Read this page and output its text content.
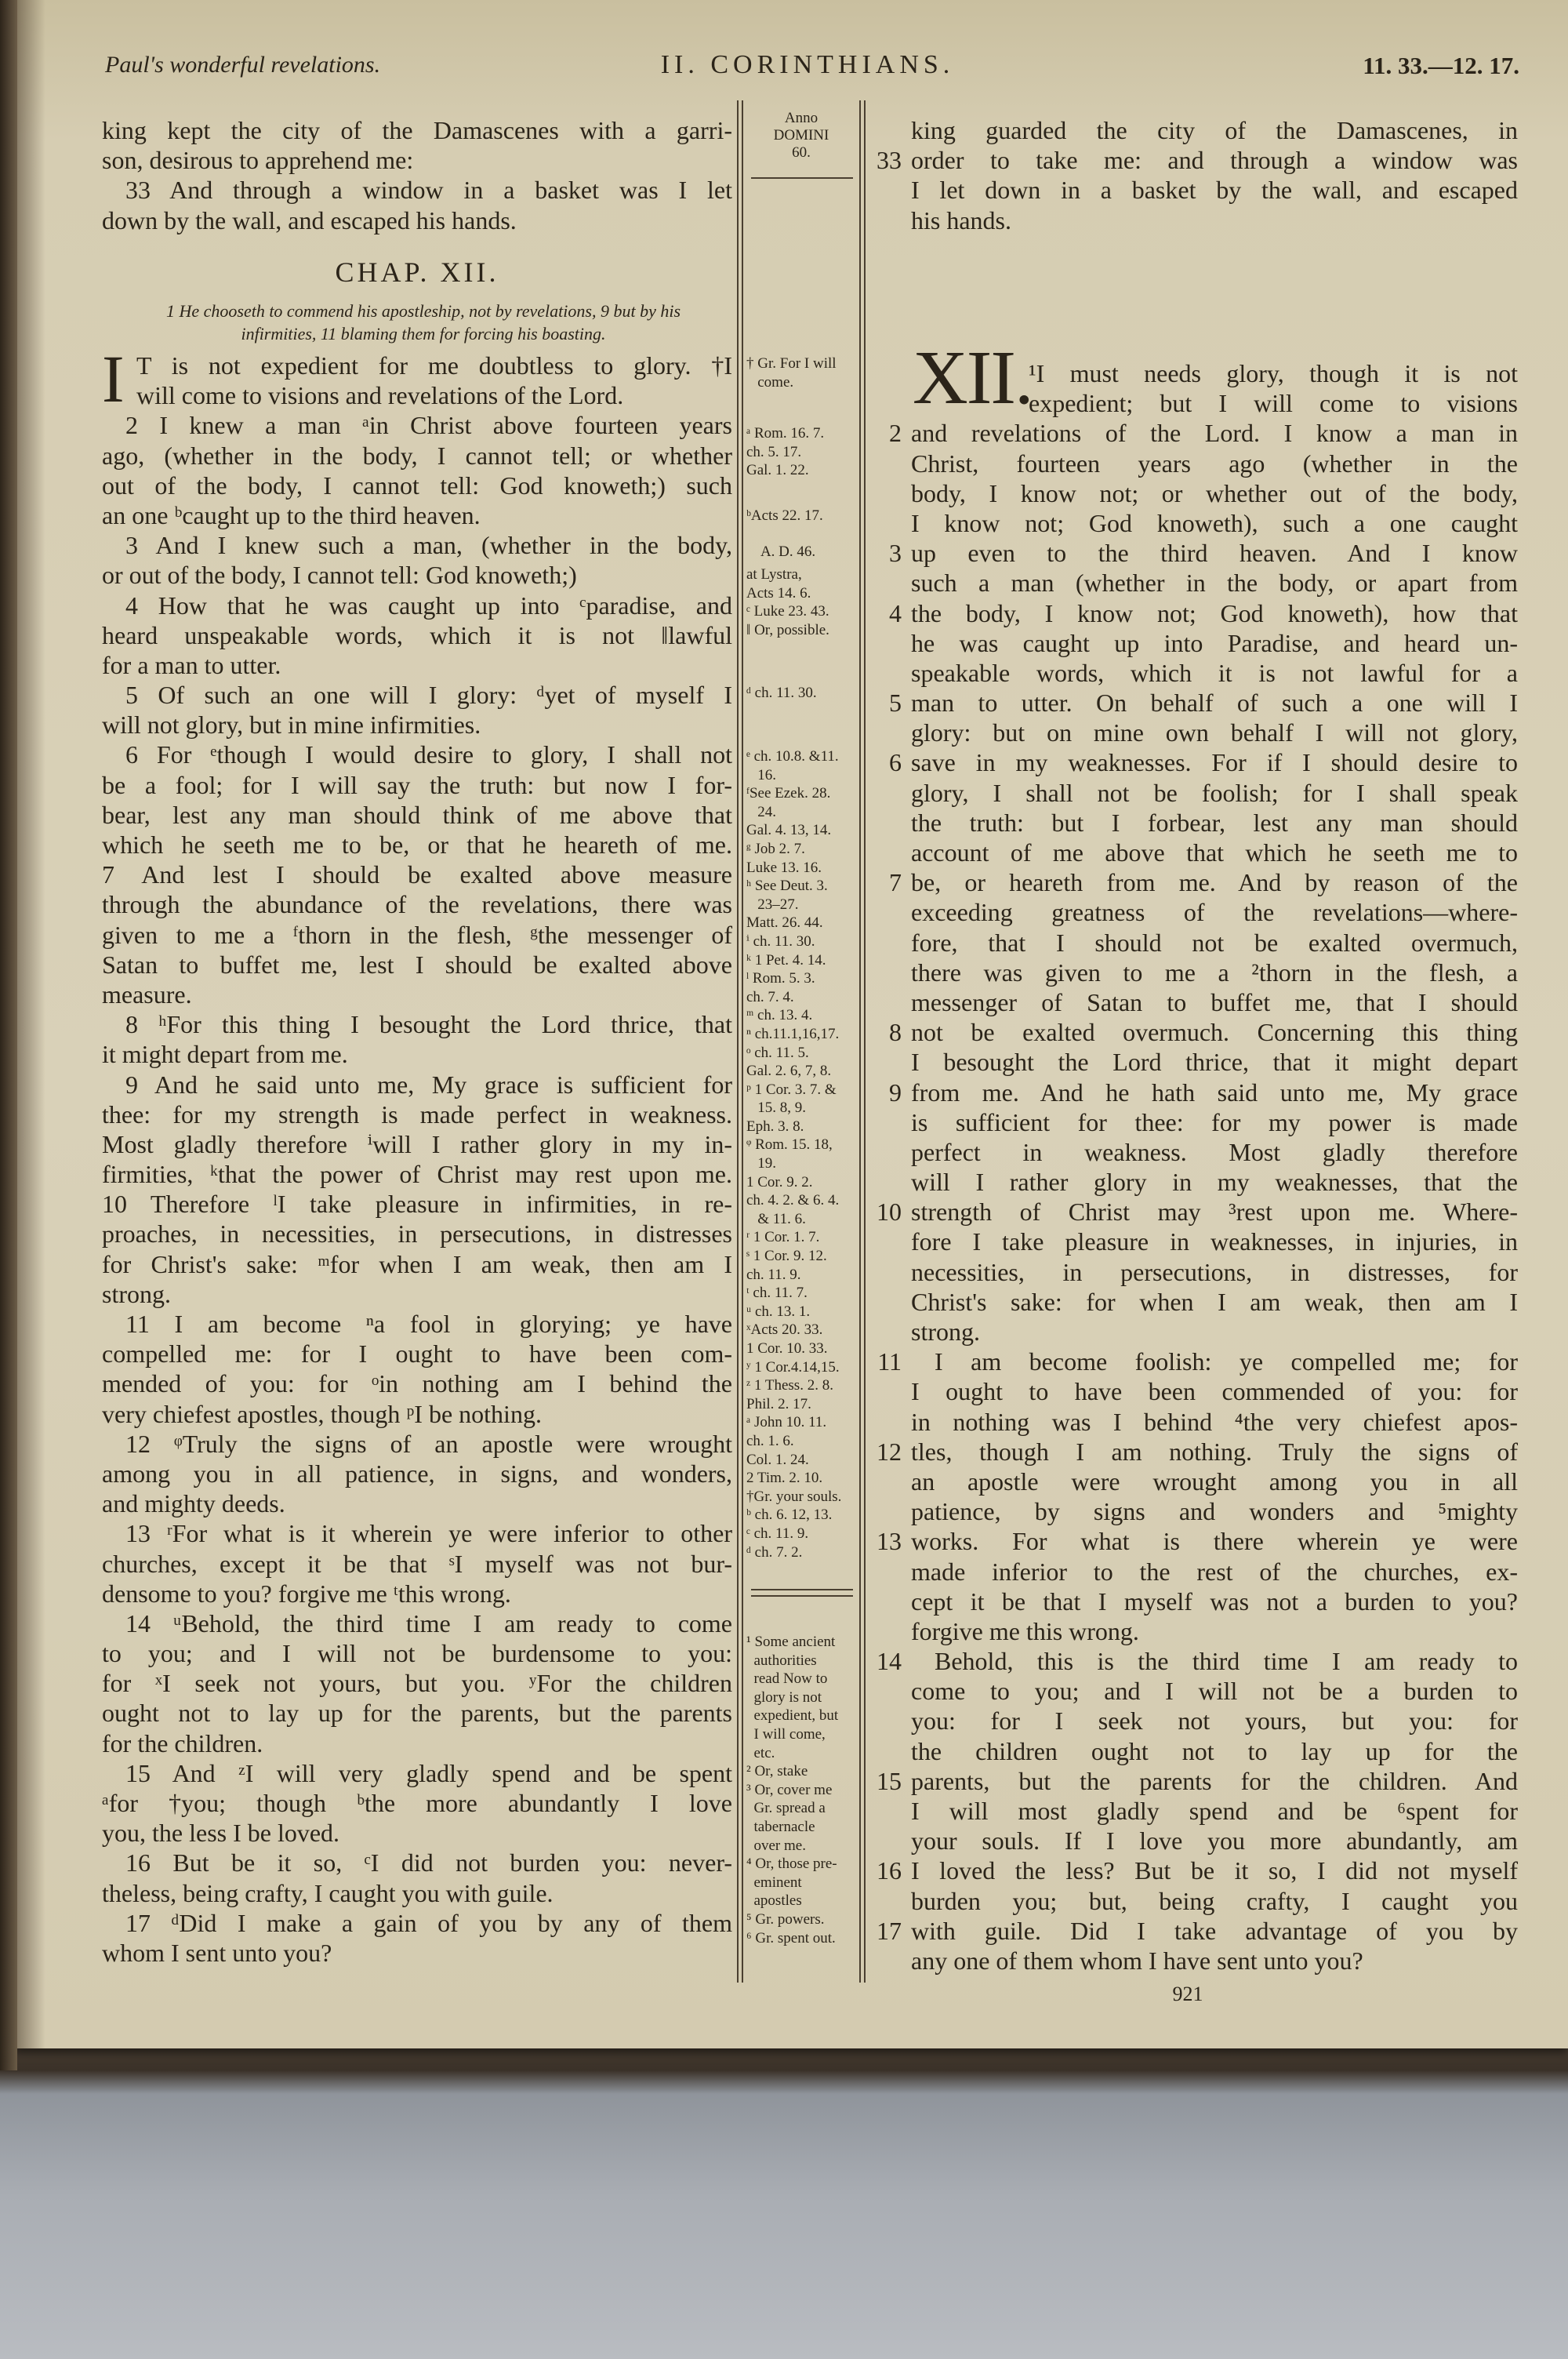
Paul's wonderful revelations.	II. CORINTHIANS.	11. 33.—12. 17.
king kept the city of the Damascenes with a garri-
son, desirous to apprehend me:
33 And through a window in a basket was I let
down by the wall, and escaped his hands.
CHAP. XII.
1 He chooseth to commend his apostleship, not by revelations, 9 but by his
infirmities, 11 blaming them for forcing his boasting.
I T is not expedient for me doubtless to glory. †I
will come to visions and revelations of the Lord.
2 I knew a man ᵃin Christ above fourteen years
ago, (whether in the body, I cannot tell; or whether
out of the body, I cannot tell: God knoweth;) such
an one ᵇcaught up to the third heaven.
3 And I knew such a man, (whether in the body,
or out of the body, I cannot tell: God knoweth;)
4 How that he was caught up into ᶜparadise, and
heard unspeakable words, which it is not ‖lawful
for a man to utter.
5 Of such an one will I glory: ᵈyet of myself I
will not glory, but in mine infirmities.
6 For ᵉthough I would desire to glory, I shall not
be a fool; for I will say the truth: but now I for-
bear, lest any man should think of me above that
which he seeth me to be, or that he heareth of me.
7 And lest I should be exalted above measure
through the abundance of the revelations, there was
given to me a ᶠthorn in the flesh, ᵍthe messenger of
Satan to buffet me, lest I should be exalted above
measure.
8 ʰFor this thing I besought the Lord thrice, that
it might depart from me.
9 And he said unto me, My grace is sufficient for
thee: for my strength is made perfect in weakness.
Most gladly therefore ⁱwill I rather glory in my in-
firmities, ᵏthat the power of Christ may rest upon me.
10 Therefore ˡI take pleasure in infirmities, in re-
proaches, in necessities, in persecutions, in distresses
for Christ's sake: ᵐfor when I am weak, then am I
strong.
11 I am become ⁿa fool in glorying; ye have
compelled me: for I ought to have been com-
mended of you: for ᵒin nothing am I behind the
very chiefest apostles, though ᵖI be nothing.
12 ᵠTruly the signs of an apostle were wrought
among you in all patience, in signs, and wonders,
and mighty deeds.
13 ʳFor what is it wherein ye were inferior to other
churches, except it be that ˢI myself was not bur-
densome to you? forgive me ᵗthis wrong.
14 ᵘBehold, the third time I am ready to come
to you; and I will not be burdensome to you:
for ˣI seek not yours, but you. ʸFor the children
ought not to lay up for the parents, but the parents
for the children.
15 And ᶻI will very gladly spend and be spent
ᵃfor †you; though ᵇthe more abundantly I love
you, the less I be loved.
16 But be it so, ᶜI did not burden you: never-
theless, being crafty, I caught you with guile.
17 ᵈDid I make a gain of you by any of them
whom I sent unto you?
Anno
DOMINI
60.
† Gr. For I will
come.
ᵃ Rom. 16. 7.
ch. 5. 17.
Gal. 1. 22.
ᵇActs 22. 17.
A. D. 46.
at Lystra,
Acts 14. 6.
ᶜ Luke 23. 43.
‖ Or, possible.
ᵈ ch. 11. 30.
ᵉ ch. 10.8. &11.
16.
ᶠSee Ezek. 28.
24.
Gal. 4. 13, 14.
ᵍ Job 2. 7.
Luke 13. 16.
ʰ See Deut. 3.
23–27.
Matt. 26. 44.
ⁱ ch. 11. 30.
ᵏ 1 Pet. 4. 14.
ˡ Rom. 5. 3.
ch. 7. 4.
ᵐ ch. 13. 4.
ⁿ ch.11.1,16,17.
ᵒ ch. 11. 5.
Gal. 2. 6, 7, 8.
ᵖ 1 Cor. 3. 7. &
15. 8, 9.
Eph. 3. 8.
ᵠ Rom. 15. 18,
19.
1 Cor. 9. 2.
ch. 4. 2. & 6. 4.
& 11. 6.
ʳ 1 Cor. 1. 7.
ˢ 1 Cor. 9. 12.
ch. 11. 9.
ᵗ ch. 11. 7.
ᵘ ch. 13. 1.
ˣActs 20. 33.
1 Cor. 10. 33.
ʸ 1 Cor.4.14,15.
ᶻ 1 Thess. 2. 8.
Phil. 2. 17.
ᵃ John 10. 11.
ch. 1. 6.
Col. 1. 24.
2 Tim. 2. 10.
†Gr. your souls.
ᵇ ch. 6. 12, 13.
ᶜ ch. 11. 9.
ᵈ ch. 7. 2.
¹ Some ancient
authorities
read Now to
glory is not
expedient, but
I will come,
etc.
² Or, stake
³ Or, cover me
Gr. spread a
tabernacle
over me.
⁴ Or, those pre-
eminent
apostles
⁵ Gr. powers.
⁶ Gr. spent out.
king guarded the city of the Damascenes, in
33 order to take me: and through a window was
I let down in a basket by the wall, and escaped
his hands.
XII.
¹I must needs glory, though it is not
expedient; but I will come to visions
2 and revelations of the Lord. I know a man in
Christ, fourteen years ago (whether in the
body, I know not; or whether out of the body,
I know not; God knoweth), such a one caught
3 up even to the third heaven. And I know
such a man (whether in the body, or apart from
4 the body, I know not; God knoweth), how that
he was caught up into Paradise, and heard un-
speakable words, which it is not lawful for a
5 man to utter. On behalf of such a one will I
glory: but on mine own behalf I will not glory,
6 save in my weaknesses. For if I should desire to
glory, I shall not be foolish; for I shall speak
the truth: but I forbear, lest any man should
account of me above that which he seeth me to
7 be, or heareth from me. And by reason of the
exceeding greatness of the revelations—where-
fore, that I should not be exalted overmuch,
there was given to me a ²thorn in the flesh, a
messenger of Satan to buffet me, that I should
8 not be exalted overmuch. Concerning this thing
I besought the Lord thrice, that it might depart
9 from me. And he hath said unto me, My grace
is sufficient for thee: for my power is made
perfect in weakness. Most gladly therefore
will I rather glory in my weaknesses, that the
10 strength of Christ may ³rest upon me. Where-
fore I take pleasure in weaknesses, in injuries, in
necessities, in persecutions, in distresses, for
Christ's sake: for when I am weak, then am I
strong.
11 I am become foolish: ye compelled me; for
I ought to have been commended of you: for
in nothing was I behind ⁴the very chiefest apos-
12 tles, though I am nothing. Truly the signs of
an apostle were wrought among you in all
patience, by signs and wonders and ⁵mighty
13 works. For what is there wherein ye were
made inferior to the rest of the churches, ex-
cept it be that I myself was not a burden to you?
forgive me this wrong.
14 Behold, this is the third time I am ready to
come to you; and I will not be a burden to
you: for I seek not yours, but you: for
the children ought not to lay up for the
15 parents, but the parents for the children. And
I will most gladly spend and be ⁶spent for
your souls. If I love you more abundantly, am
16 I loved the less? But be it so, I did not myself
burden you; but, being crafty, I caught you
17 with guile. Did I take advantage of you by
any one of them whom I have sent unto you?
921
